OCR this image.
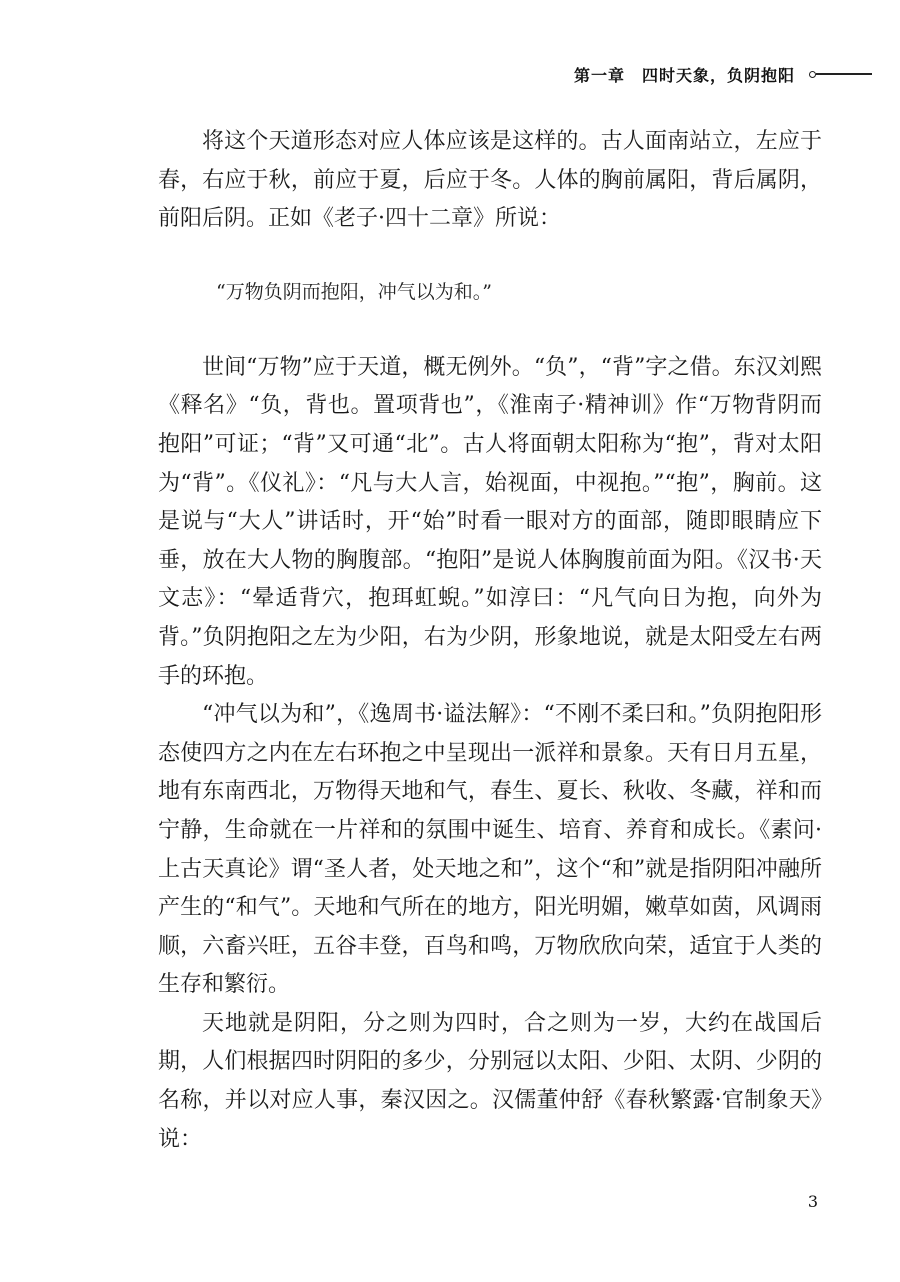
第一章　四时天象，负阴抱阳

将这个天道形态对应人体应该是这样的。古人面南站立，左应于春，右应于秋，前应于夏，后应于冬。人体的胸前属阳，背后属阴，前阳后阴。正如《老子·四十二章》所说：

“万物负阴而抱阳，冲气以为和。”

世间“万物”应于天道，概无例外。“负”，“背”字之借。东汉刘熙《释名》“负，背也。置项背也”，《淮南子·精神训》作“万物背阴而抱阳”可证；“背”又可通“北”。古人将面朝太阳称为“抱”，背对太阳为“背”。《仪礼》：“凡与大人言，始视面，中视抱。”“抱”，胸前。这是说与“大人”讲话时，开“始”时看一眼对方的面部，随即眼睛应下垂，放在大人物的胸腹部。“抱阳”是说人体胸腹前面为阳。《汉书·天文志》：“晕适背穴，抱珥虹蜺。”如淳曰：“凡气向日为抱，向外为背。”负阴抱阳之左为少阳，右为少阴，形象地说，就是太阳受左右两手的环抱。

“冲气以为和”，《逸周书·谥法解》：“不刚不柔曰和。”负阴抱阳形态使四方之内在左右环抱之中呈现出一派祥和景象。天有日月五星，地有东南西北，万物得天地和气，春生、夏长、秋收、冬藏，祥和而宁静，生命就在一片祥和的氛围中诞生、培育、养育和成长。《素问·上古天真论》谓“圣人者，处天地之和”，这个“和”就是指阴阳冲融所产生的“和气”。天地和气所在的地方，阳光明媚，嫩草如茵，风调雨顺，六畜兴旺，五谷丰登，百鸟和鸣，万物欣欣向荣，适宜于人类的生存和繁衍。

天地就是阴阳，分之则为四时，合之则为一岁，大约在战国后期，人们根据四时阴阳的多少，分别冠以太阳、少阳、太阴、少阴的名称，并以对应人事，秦汉因之。汉儒董仲舒《春秋繁露·官制象天》说：

3
